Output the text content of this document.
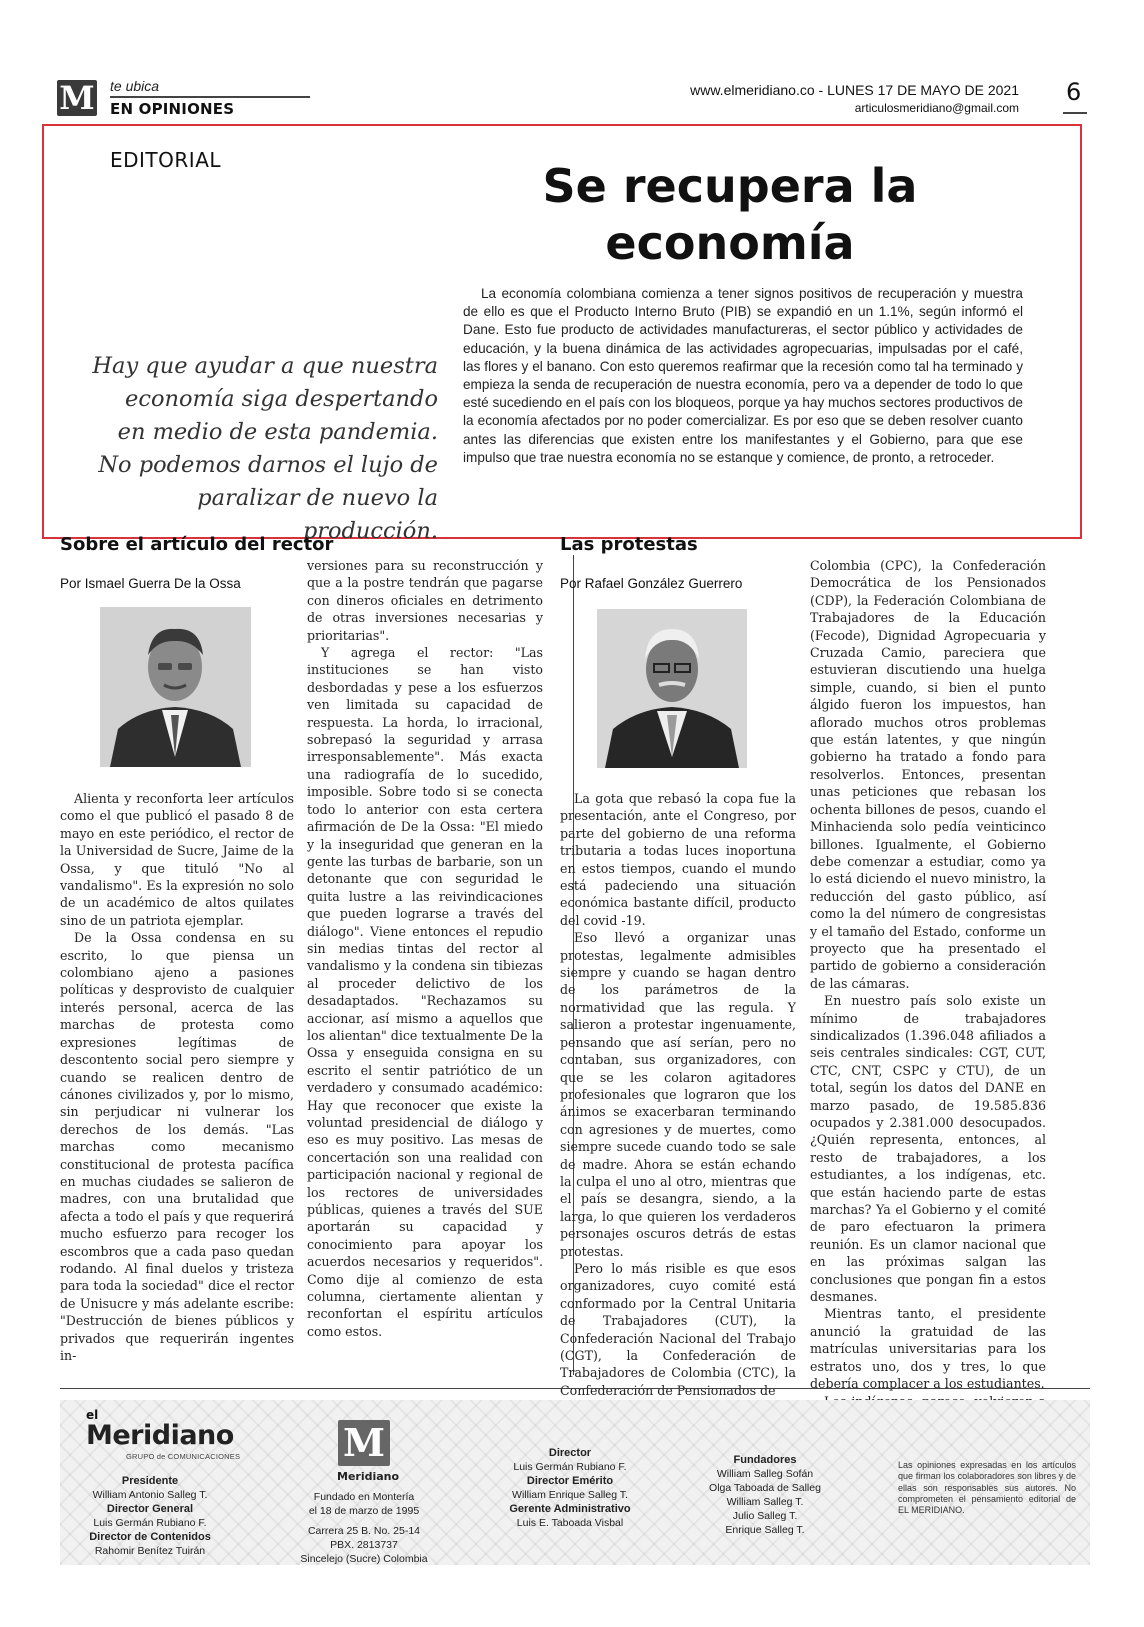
M te ubica
EN OPINIONES
www.elmeridiano.co - LUNES 17 DE MAYO DE 2021
articulosmeridiano@gmail.com
6
EDITORIAL	Se recupera la
economía
Hay que ayudar a que nuestra
economía siga despertando
en medio de esta pandemia.
No podemos darnos el lujo de
paralizar de nuevo la producción.

La economía colombiana comienza a tener signos positivos de recuperación y muestra de ello es que el Producto Interno Bruto (PIB) se expandió en un 1.1%, según informó el Dane. Esto fue producto de actividades manufactureras, el sector público y actividades de educación, y la buena dinámica de las actividades agropecuarias, impulsadas por el café, las flores y el banano. Con esto queremos reafirmar que la recesión como tal ha terminado y empieza la senda de recuperación de nuestra economía, pero va a depender de todo lo que esté sucediendo en el país con los bloqueos, porque ya hay muchos sectores productivos de la economía afectados por no poder comercializar. Es por eso que se deben resolver cuanto antes las diferencias que existen entre los manifestantes y el Gobierno, para que ese impulso que trae nuestra economía no se estanque y comience, de pronto, a retroceder.

Sobre el artículo del rector
Por Ismael Guerra De la Ossa

Alienta y reconforta leer artículos como el que publicó el pasado 8 de mayo en este periódico, el rector de la Universidad de Sucre, Jaime de la Ossa, y que tituló "No al vandalismo". Es la expresión no solo de un académico de altos quilates sino de un patriota ejemplar.

De la Ossa condensa en su escrito, lo que piensa un colombiano ajeno a pasiones políticas y desprovisto de cualquier interés personal, acerca de las marchas de protesta como expresiones legítimas de descontento social pero siempre y cuando se realicen dentro de cánones civilizados y, por lo mismo, sin perjudicar ni vulnerar los derechos de los demás. "Las marchas como mecanismo constitucional de protesta pacífica en muchas ciudades se salieron de madres, con una brutalidad que afecta a todo el país y que requerirá mucho esfuerzo para recoger los escombros que a cada paso quedan rodando. Al final duelos y tristeza para toda la sociedad" dice el rector de Unisucre y más adelante escribe: "Destrucción de bienes públicos y privados que requerirán ingentes in-

versiones para su reconstrucción y que a la postre tendrán que pagarse con dineros oficiales en detrimento de otras inversiones necesarias y prioritarias".

Y agrega el rector: "Las instituciones se han visto desbordadas y pese a los esfuerzos ven limitada su capacidad de respuesta. La horda, lo irracional, sobrepasó la seguridad y arrasa irresponsablemente". Más exacta una radiografía de lo sucedido, imposible. Sobre todo si se conecta todo lo anterior con esta certera afirmación de De la Ossa: "El miedo y la inseguridad que generan en la gente las turbas de barbarie, son un detonante que con seguridad le quita lustre a las reivindicaciones que pueden lograrse a través del diálogo". Viene entonces el repudio sin medias tintas del rector al vandalismo y la condena sin tibiezas al proceder delictivo de los desadaptados. "Rechazamos su accionar, así mismo a aquellos que los alientan" dice textualmente De la Ossa y enseguida consigna en su escrito el sentir patriótico de un verdadero y consumado académico: Hay que reconocer que existe la voluntad presidencial de diálogo y eso es muy positivo. Las mesas de concertación son una realidad con participación nacional y regional de los rectores de universidades públicas, quienes a través del SUE aportarán su capacidad y conocimiento para apoyar los acuerdos necesarios y requeridos". Como dije al comienzo de esta columna, ciertamente alientan y reconfortan el espíritu artículos como estos.

Las protestas
Por Rafael González Guerrero

La gota que rebasó la copa fue la presentación, ante el Congreso, por parte del gobierno de una reforma tributaria a todas luces inoportuna en estos tiempos, cuando el mundo está padeciendo una situación económica bastante difícil, producto del covid -19.

Eso llevó a organizar unas protestas, legalmente admisibles siempre y cuando se hagan dentro de los parámetros de la normatividad que las regula. Y salieron a protestar ingenuamente, pensando que así serían, pero no contaban, sus organizadores, con que se les colaron agitadores profesionales que lograron que los ánimos se exacerbaran terminando con agresiones y de muertes, como siempre sucede cuando todo se sale de madre. Ahora se están echando la culpa el uno al otro, mientras que el país se desangra, siendo, a la larga, lo que quieren los verdaderos personajes oscuros detrás de estas protestas.

Pero lo más risible es que esos organizadores, cuyo comité está conformado por la Central Unitaria de Trabajadores (CUT), la Confederación Nacional del Trabajo (CGT), la Confederación de Trabajadores de Colombia (CTC), la Confederación de Pensionados de

Colombia (CPC), la Confederación Democrática de los Pensionados (CDP), la Federación Colombiana de Trabajadores de la Educación (Fecode), Dignidad Agropecuaria y Cruzada Camio, pareciera que estuvieran discutiendo una huelga simple, cuando, si bien el punto álgido fueron los impuestos, han aflorado muchos otros problemas que están latentes, y que ningún gobierno ha tratado a fondo para resolverlos. Entonces, presentan unas peticiones que rebasan los ochenta billones de pesos, cuando el Minhacienda solo pedía veinticinco billones. Igualmente, el Gobierno debe comenzar a estudiar, como ya lo está diciendo el nuevo ministro, la reducción del gasto público, así como la del número de congresistas y el tamaño del Estado, conforme un proyecto que ha presentado el partido de gobierno a consideración de las cámaras.

En nuestro país solo existe un mínimo de trabajadores sindicalizados (1.396.048 afiliados a seis centrales sindicales: CGT, CUT, CTC, CNT, CSPC y CTU), de un total, según los datos del DANE en marzo pasado, de 19.585.836 ocupados y 2.381.000 desocupados. ¿Quién representa, entonces, al resto de trabajadores, a los estudiantes, a los indígenas, etc. que están haciendo parte de estas marchas? Ya el Gobierno y el comité de paro efectuaron la primera reunión. Es un clamor nacional que en las próximas salgan las conclusiones que pongan fin a estos desmanes.

Mientras tanto, el presidente anunció la gratuidad de las matrículas universitarias para los estratos uno, dos y tres, lo que debería complacer a los estudiantes.

el
Meridiano
GRUPO de COMUNICACIONES
Presidente
William Antonio Salleg T.
Director General
Luis Germán Rubiano F.
Director de Contenidos
Rahomir Benítez Tuirán
M
Meridiano
Fundado en Montería
el 18 de marzo de 1995
Carrera 25 B. No. 25-14
PBX. 2813737
Sincelejo (Sucre) Colombia
Director
Luis Germán Rubiano F.
Director Emérito
William Enrique Salleg T.
Gerente Administrativo
Luis E. Taboada Visbal
Fundadores
William Salleg Sofán
Olga Taboada de Salleg
William Salleg T.
Julio Salleg T.
Enrique Salleg T.
Las opiniones expresadas en los artículos que firman los colaboradores son libres y de ellas son responsables sus autores. No comprometen el pensamiento editorial de EL MERIDIANO.
